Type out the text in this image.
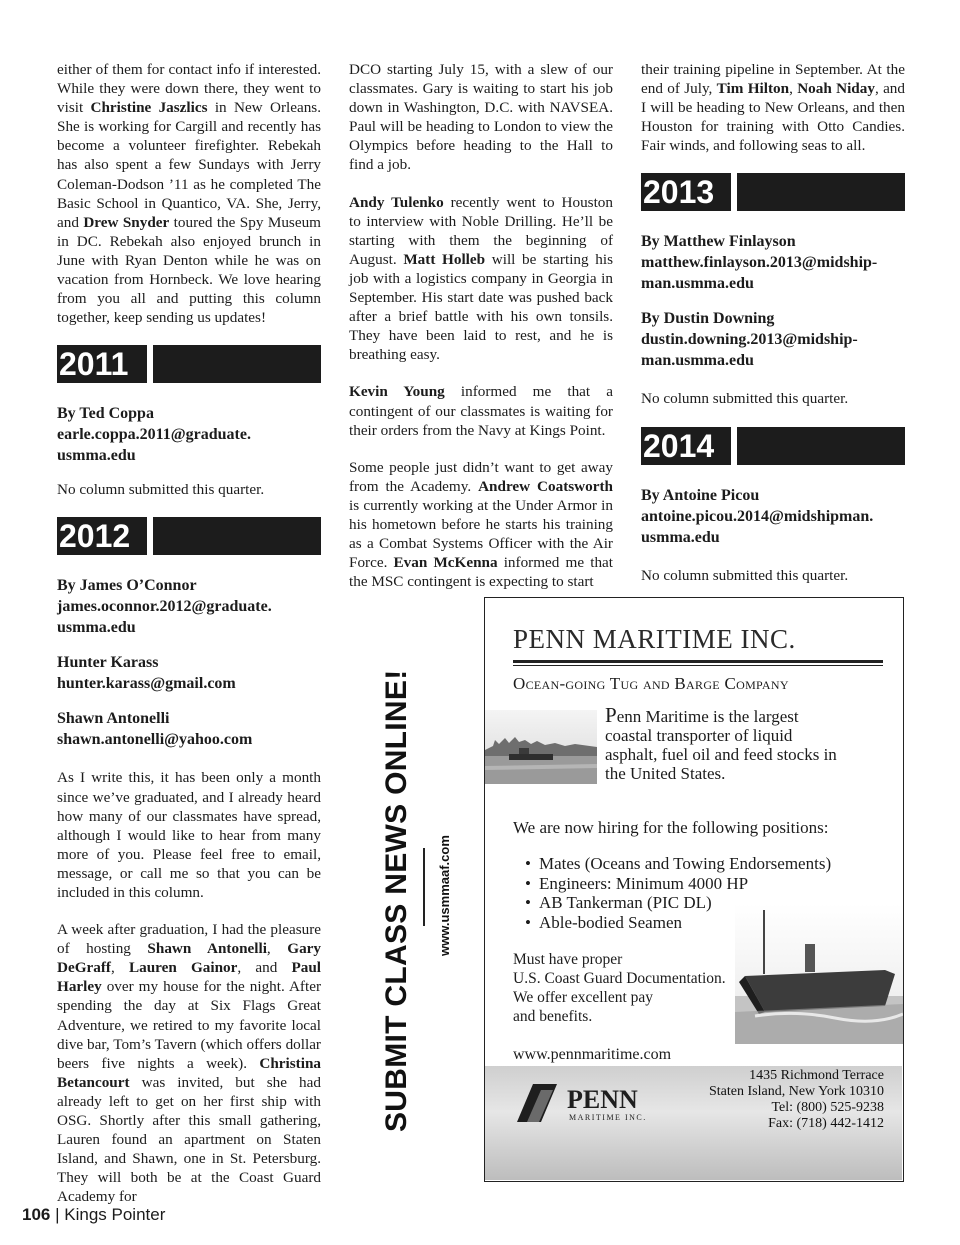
either of them for contact info if interested. While they were down there, they went to visit Christine Jaszlics in New Orleans. She is working for Cargill and recently has become a volunteer firefighter. Rebekah has also spent a few Sundays with Jerry Coleman-Dodson ’11 as he completed The Basic School in Quantico, VA. She, Jerry, and Drew Snyder toured the Spy Museum in DC. Rebekah also enjoyed brunch in June with Ryan Denton while he was on vacation from Hornbeck. We love hearing from you all and putting this column together, keep sending us updates!

2011
By Ted Coppa
earle.coppa.2011@graduate.
usmma.edu

No column submitted this quarter.

2012
By James O’Connor
james.oconnor.2012@graduate.
usmma.edu
Hunter Karass
hunter.karass@gmail.com
Shawn Antonelli
shawn.antonelli@yahoo.com

As I write this, it has been only a month since we’ve graduated, and I already heard how many of our classmates have spread, although I would like to hear from many more of you. Please feel free to email, message, or call me so that you can be included in this column.

A week after graduation, I had the pleasure of hosting Shawn Antonelli, Gary DeGraff, Lauren Gainor, and Paul Harley over my house for the night. After spending the day at Six Flags Great Adventure, we retired to my favorite local dive bar, Tom’s Tavern (which offers dollar beers five nights a week). Christina Betancourt was invited, but she had already left to get on her first ship with OSG. Shortly after this small gathering, Lauren found an apartment on Staten Island, and Shawn, one in St. Petersburg. They will both be at the Coast Guard Academy for

DCO starting July 15, with a slew of our classmates. Gary is waiting to start his job down in Washington, D.C. with NAVSEA. Paul will be heading to London to view the Olympics before heading to the Hall to find a job.

Andy Tulenko recently went to Houston to interview with Noble Drilling. He’ll be starting with them the beginning of August. Matt Holleb will be starting his job with a logistics company in Georgia in September. His start date was pushed back after a brief battle with his own tonsils. They have been laid to rest, and he is breathing easy.

Kevin Young informed me that a contingent of our classmates is waiting for their orders from the Navy at Kings Point.

Some people just didn’t want to get away from the Academy. Andrew Coatsworth is currently working at the Under Armor in his hometown before he starts his training as a Combat Systems Officer with the Air Force. Evan McKenna informed me that the MSC contingent is expecting to start

their training pipeline in September. At the end of July, Tim Hilton, Noah Niday, and I will be heading to New Orleans, and then Houston for training with Otto Candies. Fair winds, and following seas to all.

2013
By Matthew Finlayson
matthew.finlayson.2013@midship-
man.usmma.edu
By Dustin Downing
dustin.downing.2013@midship-
man.usmma.edu

No column submitted this quarter.

2014
By Antoine Picou
antoine.picou.2014@midshipman.
usmma.edu

No column submitted this quarter.

SUBMIT CLASS NEWS ONLINE! www.usmmaaf.com
PENN MARITIME INC.
Ocean-going Tug and Barge Company
Penn Maritime is the largest coastal transporter of liquid asphalt, fuel oil and feed stocks in the United States.
We are now hiring for the following positions:
• Mates (Oceans and Towing Endorsements)
• Engineers: Minimum 4000 HP
• AB Tankerman (PIC DL)
• Able-bodied Seamen
Must have proper
U.S. Coast Guard Documentation.
We offer excellent pay
and benefits.
www.pennmaritime.com
PENN
MARITIME INC.
1435 Richmond Terrace
Staten Island, New York 10310
Tel: (800) 525-9238
Fax: (718) 442-1412
106 | Kings Pointer
